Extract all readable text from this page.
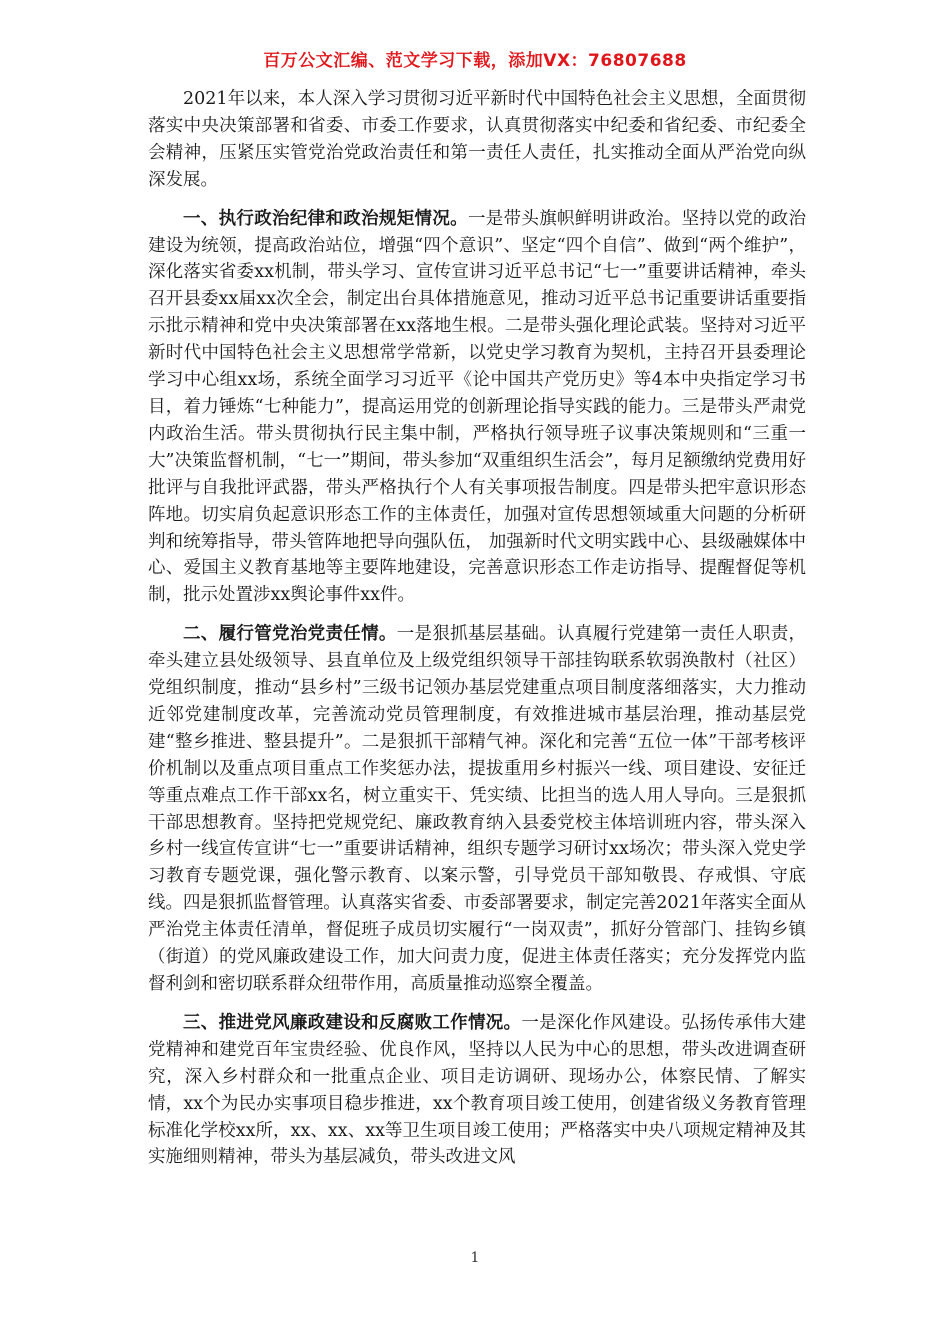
百万公文汇编、范文学习下载，添加VX：76807688

2021年以来，本人深入学习贯彻习近平新时代中国特色社会主义思想，全面贯彻落实中央决策部署和省委、市委工作要求，认真贯彻落实中纪委和省纪委、市纪委全会精神，压紧压实管党治党政治责任和第一责任人责任，扎实推动全面从严治党向纵深发展。

一、执行政治纪律和政治规矩情况。一是带头旗帜鲜明讲政治。坚持以党的政治建设为统领，提高政治站位，增强“四个意识”、坚定“四个自信”、做到“两个维护”，深化落实省委xx机制，带头学习、宣传宣讲习近平总书记“七一”重要讲话精神，牵头召开县委xx届xx次全会，制定出台具体措施意见，推动习近平总书记重要讲话重要指示批示精神和党中央决策部署在xx落地生根。二是带头强化理论武装。坚持对习近平新时代中国特色社会主义思想常学常新，以党史学习教育为契机，主持召开县委理论学习中心组xx场，系统全面学习习近平《论中国共产党历史》等4本中央指定学习书目，着力锤炼“七种能力”，提高运用党的创新理论指导实践的能力。三是带头严肃党内政治生活。带头贯彻执行民主集中制，严格执行领导班子议事决策规则和“三重一大”决策监督机制，“七一”期间，带头参加“双重组织生活会”，每月足额缴纳党费用好批评与自我批评武器，带头严格执行个人有关事项报告制度。四是带头把牢意识形态阵地。切实肩负起意识形态工作的主体责任，加强对宣传思想领域重大问题的分析研判和统筹指导，带头管阵地把导向强队伍， 加强新时代文明实践中心、县级融媒体中心、爱国主义教育基地等主要阵地建设，完善意识形态工作走访指导、提醒督促等机制，批示处置涉xx舆论事件xx件。

二、履行管党治党责任情。一是狠抓基层基础。认真履行党建第一责任人职责，牵头建立县处级领导、县直单位及上级党组织领导干部挂钩联系软弱涣散村（社区）党组织制度，推动“县乡村”三级书记领办基层党建重点项目制度落细落实，大力推动近邻党建制度改革，完善流动党员管理制度，有效推进城市基层治理，推动基层党建“整乡推进、整县提升”。二是狠抓干部精气神。深化和完善“五位一体”干部考核评价机制以及重点项目重点工作奖惩办法，提拔重用乡村振兴一线、项目建设、安征迁等重点难点工作干部xx名，树立重实干、凭实绩、比担当的选人用人导向。三是狠抓干部思想教育。坚持把党规党纪、廉政教育纳入县委党校主体培训班内容，带头深入乡村一线宣传宣讲“七一”重要讲话精神，组织专题学习研讨xx场次；带头深入党史学习教育专题党课，强化警示教育、以案示警，引导党员干部知敬畏、存戒惧、守底线。四是狠抓监督管理。认真落实省委、市委部署要求，制定完善2021年落实全面从严治党主体责任清单，督促班子成员切实履行“一岗双责”，抓好分管部门、挂钩乡镇（街道）的党风廉政建设工作，加大问责力度，促进主体责任落实；充分发挥党内监督利剑和密切联系群众纽带作用，高质量推动巡察全覆盖。

三、推进党风廉政建设和反腐败工作情况。一是深化作风建设。弘扬传承伟大建党精神和建党百年宝贵经验、优良作风，坚持以人民为中心的思想，带头改进调查研究，深入乡村群众和一批重点企业、项目走访调研、现场办公，体察民情、了解实情，xx个为民办实事项目稳步推进，xx个教育项目竣工使用，创建省级义务教育管理标准化学校xx所，xx、xx、xx等卫生项目竣工使用；严格落实中央八项规定精神及其实施细则精神，带头为基层减负，带头改进文风

1
